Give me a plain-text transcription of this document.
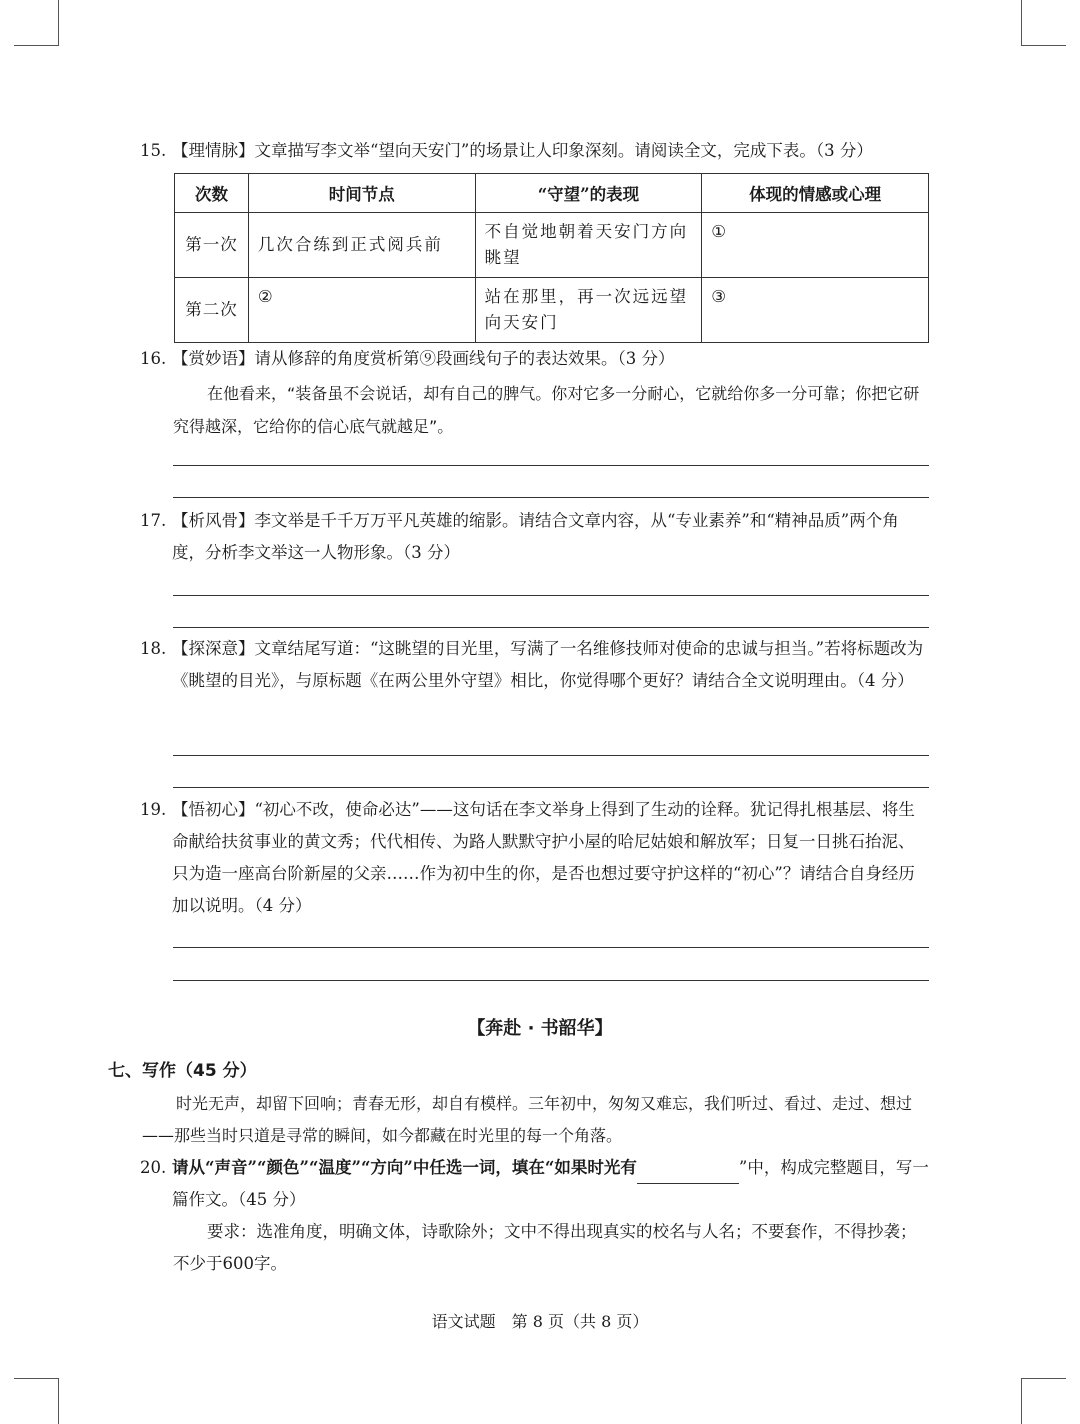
15. 【理情脉】文章描写李文举“望向天安门”的场景让人印象深刻。请阅读全文，完成下表。（3 分）
次数	时间节点	“守望”的表现	体现的情感或心理
第一次	几次合练到正式阅兵前	不自觉地朝着天安门方向眺望	①
第二次	②	站在那里，再一次远远望向天安门	③
16. 【赏妙语】请从修辞的角度赏析第⑨段画线句子的表达效果。（3 分）
在他看来，“装备虽不会说话，却有自己的脾气。你对它多一分耐心，它就给你多一分可靠；你把它研究得越深，它给你的信心底气就越足”。
17. 【析风骨】李文举是千千万万平凡英雄的缩影。请结合文章内容，从“专业素养”和“精神品质”两个角度，分析李文举这一人物形象。（3 分）
18. 【探深意】文章结尾写道：“这眺望的目光里，写满了一名维修技师对使命的忠诚与担当。”若将标题改为《眺望的目光》，与原标题《在两公里外守望》相比，你觉得哪个更好？请结合全文说明理由。（4 分）
19. 【悟初心】“初心不改，使命必达”——这句话在李文举身上得到了生动的诠释。犹记得扎根基层、将生命献给扶贫事业的黄文秀；代代相传、为路人默默守护小屋的哈尼姑娘和解放军；日复一日挑石抬泥、只为造一座高台阶新屋的父亲……作为初中生的你，是否也想过要守护这样的“初心”？请结合自身经历加以说明。（4 分）
【奔赴 · 书韶华】
七、写作（45 分）
时光无声，却留下回响；青春无形，却自有模样。三年初中，匆匆又难忘，我们听过、看过、走过、想过——那些当时只道是寻常的瞬间，如今都藏在时光里的每一个角落。
20. 请从“声音”“颜色”“温度”“方向”中任选一词，填在“如果时光有	”中，构成完整题目，写一篇作文。（45 分）
要求：选准角度，明确文体，诗歌除外；文中不得出现真实的校名与人名；不要套作，不得抄袭；不少于600字。
语文试题　第 8 页（共 8 页）
